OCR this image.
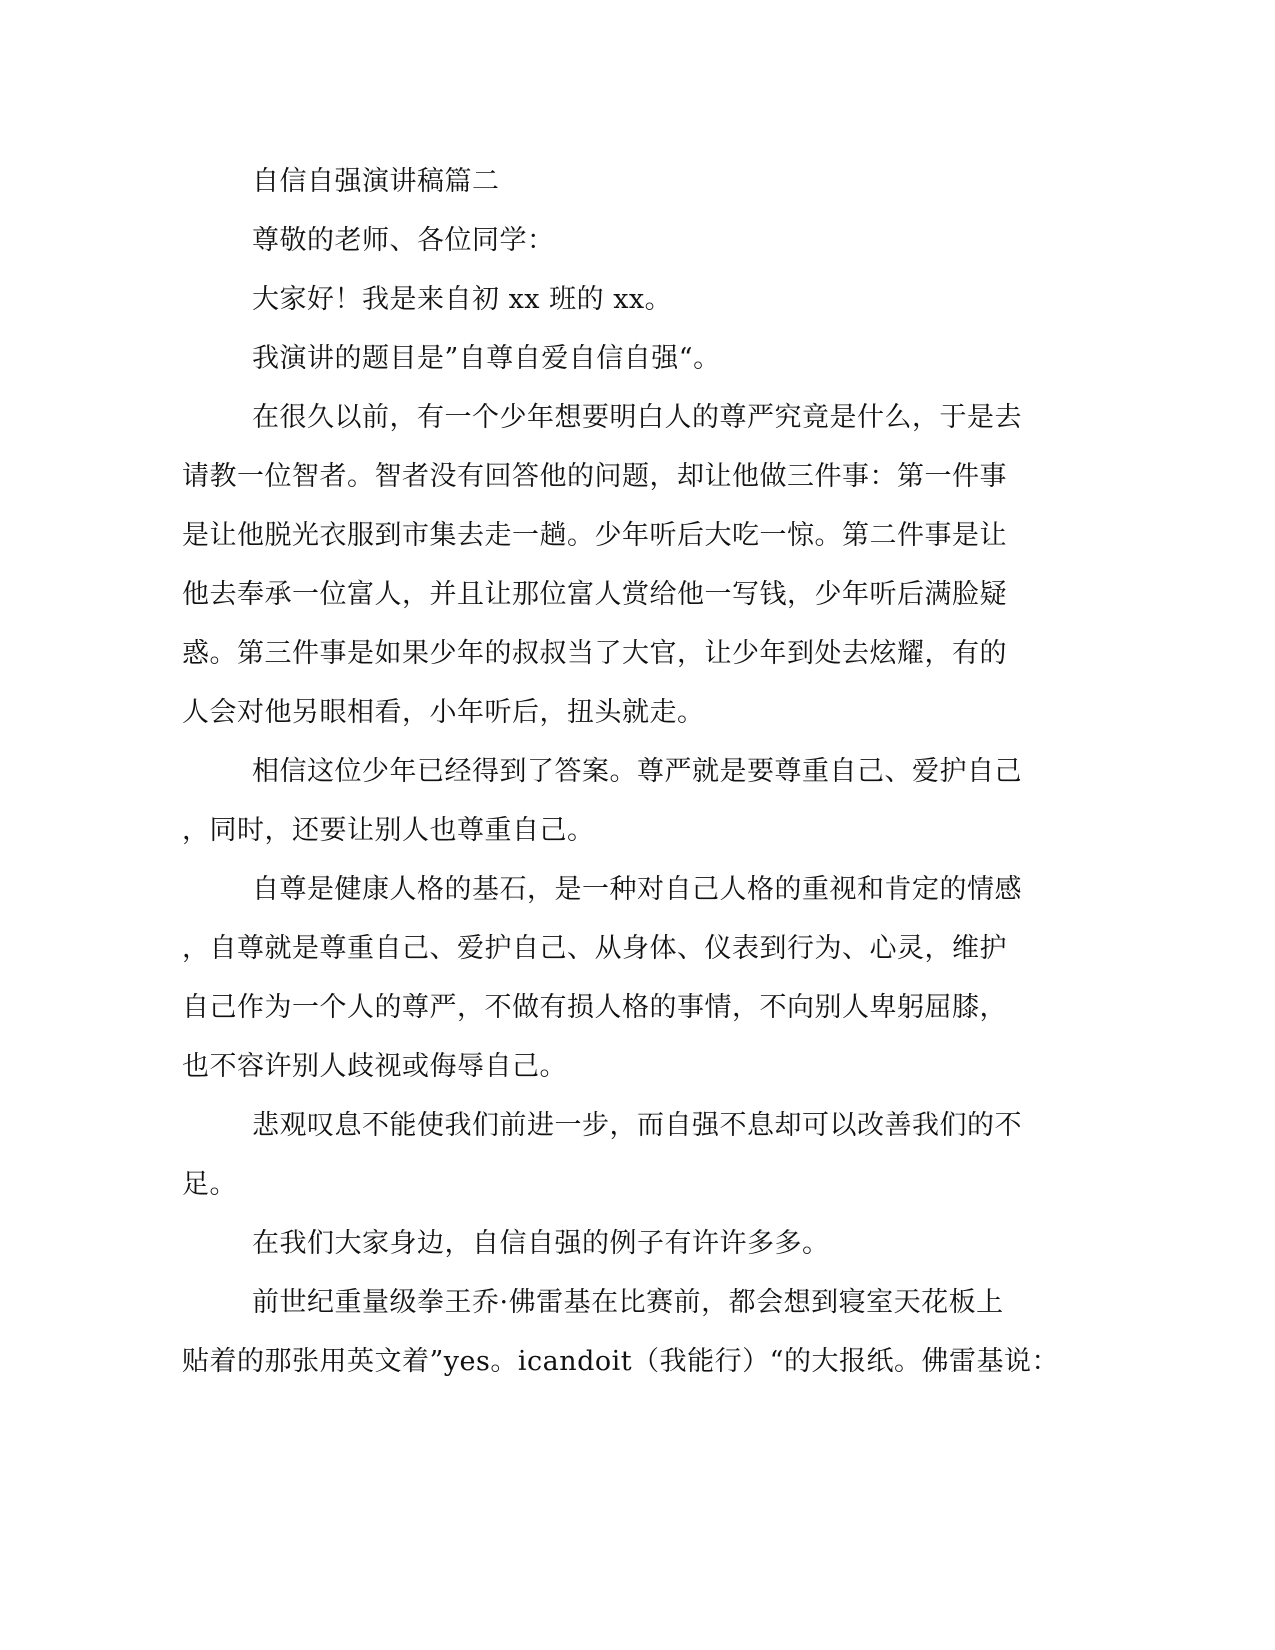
自信自强演讲稿篇二
尊敬的老师、各位同学：
大家好！我是来自初 xx 班的 xx。
我演讲的题目是”自尊自爱自信自强“。
在很久以前，有一个少年想要明白人的尊严究竟是什么，于是去
请教一位智者。智者没有回答他的问题，却让他做三件事：第一件事
是让他脱光衣服到市集去走一趟。少年听后大吃一惊。第二件事是让
他去奉承一位富人，并且让那位富人赏给他一写钱，少年听后满脸疑
惑。第三件事是如果少年的叔叔当了大官，让少年到处去炫耀，有的
人会对他另眼相看，小年听后，扭头就走。
相信这位少年已经得到了答案。尊严就是要尊重自己、爱护自己
，同时，还要让别人也尊重自己。
自尊是健康人格的基石，是一种对自己人格的重视和肯定的情感
，自尊就是尊重自己、爱护自己、从身体、仪表到行为、心灵，维护
自己作为一个人的尊严，不做有损人格的事情，不向别人卑躬屈膝，
也不容许别人歧视或侮辱自己。
悲观叹息不能使我们前进一步，而自强不息却可以改善我们的不
足。
在我们大家身边，自信自强的例子有许许多多。
前世纪重量级拳王乔·佛雷基在比赛前，都会想到寝室天花板上
贴着的那张用英文着”yes。icandoit（我能行）“的大报纸。佛雷基说：
